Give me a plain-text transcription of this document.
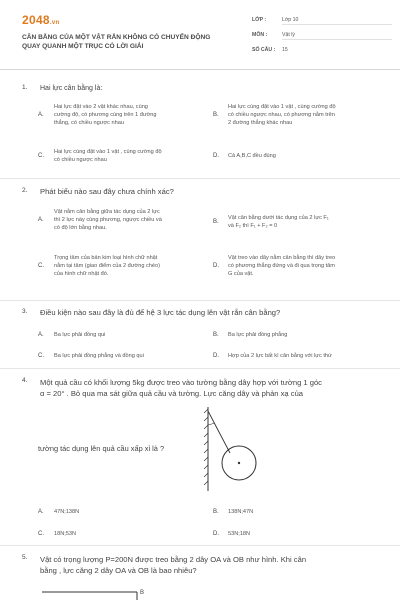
2048.vn
CÂN BẰNG CỦA MỘT VẬT RẮN KHÔNG CÓ CHUYỂN ĐỘNG QUAY QUANH MỘT TRỤC CÓ LỜI GIẢI
LỚP :	Lớp 10
MÔN :	Vật lý
SỐ CÂU : 15
1. Hai lực cân bằng là:
A.
Hai lực đặt vào 2 vật khác nhau, cùng
cường độ, có phương cùng trên 1 đường
thẳng, có chiều ngược nhau
B.
Hai lực cùng đặt vào 1 vật , cùng cường độ
có chiều ngược nhau, có phương nằm trên
2 đường thẳng khác nhau
C.
Hai lực cùng đặt vào 1 vật , cùng cường độ
có chiều ngược nhau
D. Cả A,B,C đều đúng
2. Phát biểu nào sau đây chưa chính xác?
A.
Vật nằm cân bằng giữa tác dụng của 2 lực
thì 2 lực này cùng phương, ngược chiều và
có độ lớn bằng nhau.
B.
Vật cân bằng dưới tác dụng của 2 lực F₁
và F₂ thì F₁ + F₂ = 0
C.
Trọng tâm của bản kim loại hình chữ nhật
nằm tại tâm (giao điểm của 2 đường chéo)
của hình chữ nhật đó.
D.
Vật treo vào dây nằm cân bằng thì dây treo
có phương thẳng đứng và đi qua trọng tâm
G của vật.
3. Điều kiện nào sau đây là đủ để hệ 3 lực tác dụng lên vật rắn cân bằng?
A. Ba lực phải đồng qui	B. Ba lực phải đồng phẳng
C. Ba lực phải đồng phẳng và đồng qui	D. Hợp của 2 lực bất kì cân bằng với lực thứ
4. Một quả cầu có khối lượng 5kg được treo vào tường bằng dây hợp với tường 1 góc
α = 20° . Bỏ qua ma sát giữa quả cầu và tường. Lực căng dây và phản xạ của
tường tác dụng lên quả cầu xấp xỉ là ?
A. 47N;138N	B. 138N;47N
C. 18N;53N	D. 53N;18N
5. Vật có trọng lượng P=200N được treo bằng 2 dây OA và OB như hình. Khi cân
bằng , lực căng 2 dây OA và OB là bao nhiêu?
B
